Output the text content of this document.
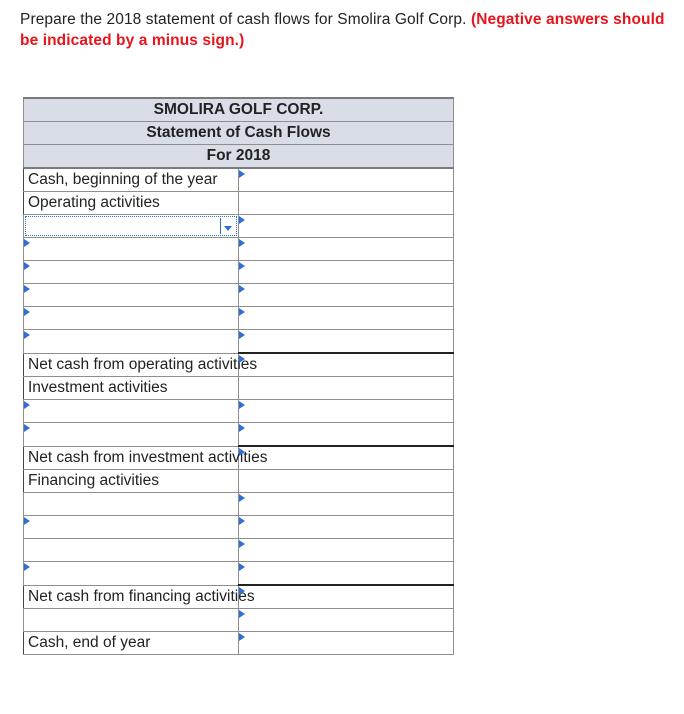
Prepare the 2018 statement of cash flows for Smolira Golf Corp. (Negative answers should be indicated by a minus sign.)
SMOLIRA GOLF CORP.	
Statement of Cash Flows	
For 2018	
Cash, beginning of the year	

Operating activities	

Net cash from operating activities	

Investment activities	

Net cash from investment activities	

Financing activities	

Net cash from financing activities	

Cash, end of year	
